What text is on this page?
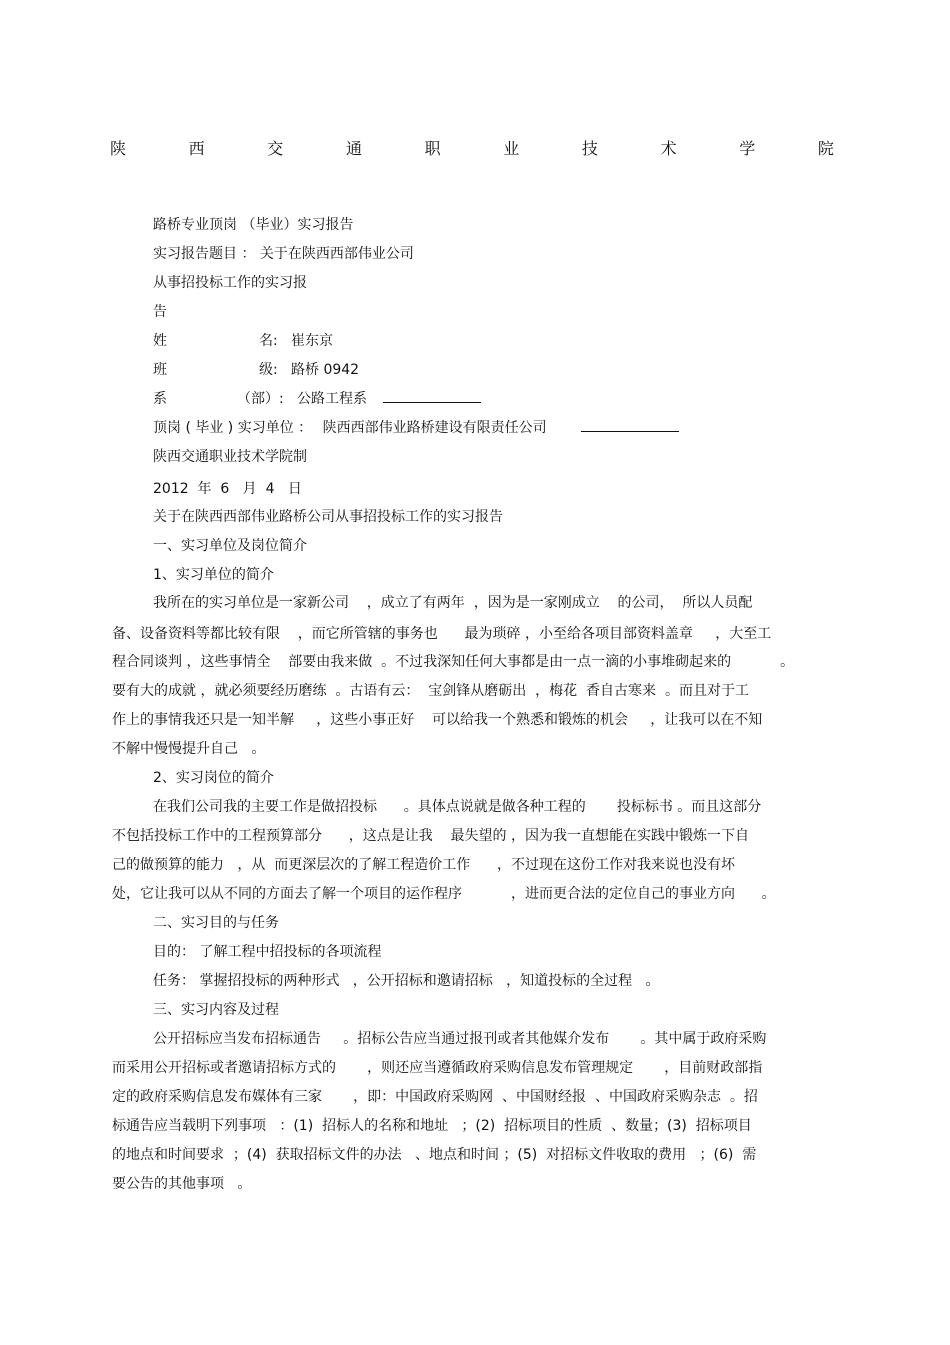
陕	西	交	通	职	业	技	术	学	院
路桥专业顶岗 （毕业）实习报告
实习报告题目 ： 关于在陕西西部伟业公司
从事招投标工作的实习报
告
姓	名: 崔东京
班	级: 路桥 0942
系	（部）: 公路工程系
顶岗 ( 毕业 ) 实习单位 ： 陕西西部伟业路桥建设有限责任公司
陕西交通职业技术学院制
2012  年  6   月  4   日
关于在陕西西部伟业路桥公司从事招投标工作的实习报告
一、实习单位及岗位简介
1、实习单位的简介
我所在的实习单位是一家新公司    ，成立了有两年  ，因为是一家刚成立    的公司，  所以人员配
备、设备资料等都比较有限    ，而它所管辖的事务也      最为琐碎 ，小至给各项目部资料盖章     ，大至工
程合同谈判 ，这些事情全    部要由我来做  。不过我深知任何大事都是由一点一滴的小事堆砌起来的           。
要有大的成就 ，就必须要经历磨练  。古语有云：  宝剑锋从磨砺出  ，梅花  香自古寒来  。而且对于工
作上的事情我还只是一知半解     ，这些小事正好    可以给我一个熟悉和锻炼的机会     ，让我可以在不知
不解中慢慢提升自己   。
2、实习岗位的简介
在我们公司我的主要工作是做招投标      。具体点说就是做各种工程的       投标标书 。而且这部分
不包括投标工作中的工程预算部分      ，这点是让我    最失望的 ，因为我一直想能在实践中锻炼一下自
己的做预算的能力   ，从  而更深层次的了解工程造价工作      ，不过现在这份工作对我来说也没有坏
处，它让我可以从不同的方面去了解一个项目的运作程序           ，进而更合法的定位自己的事业方向      。
二、实习目的与任务
目的： 了解工程中招投标的各项流程
任务： 掌握招投标的两种形式   ，公开招标和邀请招标   ，知道投标的全过程   。
三、实习内容及过程
公开招标应当发布招标通告     。招标公告应当通过报刊或者其他媒介发布       。其中属于政府采购
而采用公开招标或者邀请招标方式的       ，则还应当遵循政府采购信息发布管理规定       ，目前财政部指
定的政府采购信息发布媒体有三家       ，即：中国政府采购网  、中国财经报  、中国政府采购杂志  。招
标通告应当载明下列事项   ：(1)  招标人的名称和地址   ；(2)  招标项目的性质  、数量；(3)  招标项目
的地点和时间要求  ；(4)  获取招标文件的办法   、地点和时间 ；(5)  对招标文件收取的费用   ；(6)  需
要公告的其他事项   。
